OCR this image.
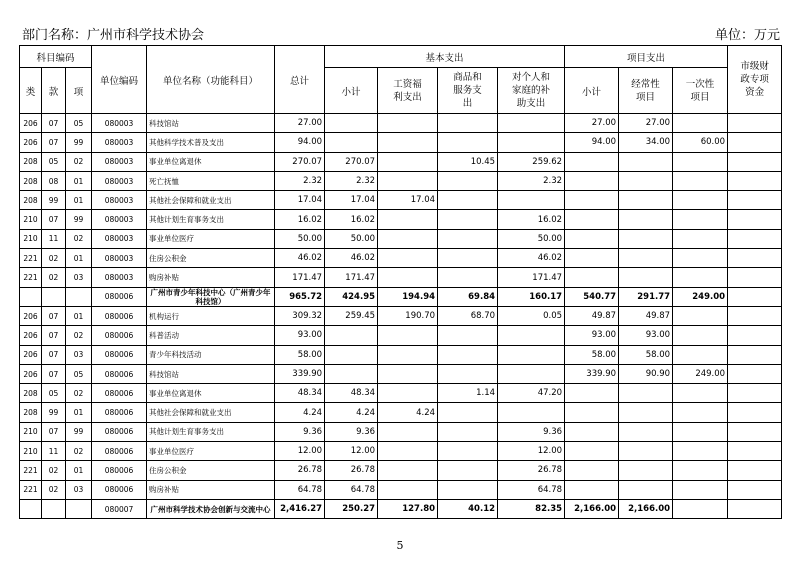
部门名称：广州市科学技术协会	单位：万元
科目编码			单位编码	单位名称（功能科目）	总计	基本支出				项目支出			市级财政专项资金
类	款	项				小计	工资福利支出	商品和服务支出	对个人和家庭的补助支出	小计	经常性项目	一次性项目	
206	07	05	080003	科技馆站	27.00					27.00	27.00		
206	07	99	080003	其他科学技术普及支出	94.00					94.00	34.00	60.00	
208	05	02	080003	事业单位离退休	270.07	270.07		10.45	259.62				
208	08	01	080003	死亡抚恤	2.32	2.32			2.32				
208	99	01	080003	其他社会保障和就业支出	17.04	17.04	17.04						
210	07	99	080003	其他计划生育事务支出	16.02	16.02			16.02				
210	11	02	080003	事业单位医疗	50.00	50.00			50.00				
221	02	01	080003	住房公积金	46.02	46.02			46.02				
221	02	03	080003	购房补贴	171.47	171.47			171.47				
			080006	广州市青少年科技中心（广州青少年科技馆）	965.72	424.95	194.94	69.84	160.17	540.77	291.77	249.00	
206	07	01	080006	机构运行	309.32	259.45	190.70	68.70	0.05	49.87	49.87		
206	07	02	080006	科普活动	93.00					93.00	93.00		
206	07	03	080006	青少年科技活动	58.00					58.00	58.00		
206	07	05	080006	科技馆站	339.90					339.90	90.90	249.00	
208	05	02	080006	事业单位离退休	48.34	48.34		1.14	47.20				
208	99	01	080006	其他社会保障和就业支出	4.24	4.24	4.24						
210	07	99	080006	其他计划生育事务支出	9.36	9.36			9.36				
210	11	02	080006	事业单位医疗	12.00	12.00			12.00				
221	02	01	080006	住房公积金	26.78	26.78			26.78				
221	02	03	080006	购房补贴	64.78	64.78			64.78				
			080007	广州市科学技术协会创新与交流中心	2,416.27	250.27	127.80	40.12	82.35	2,166.00	2,166.00		
5
